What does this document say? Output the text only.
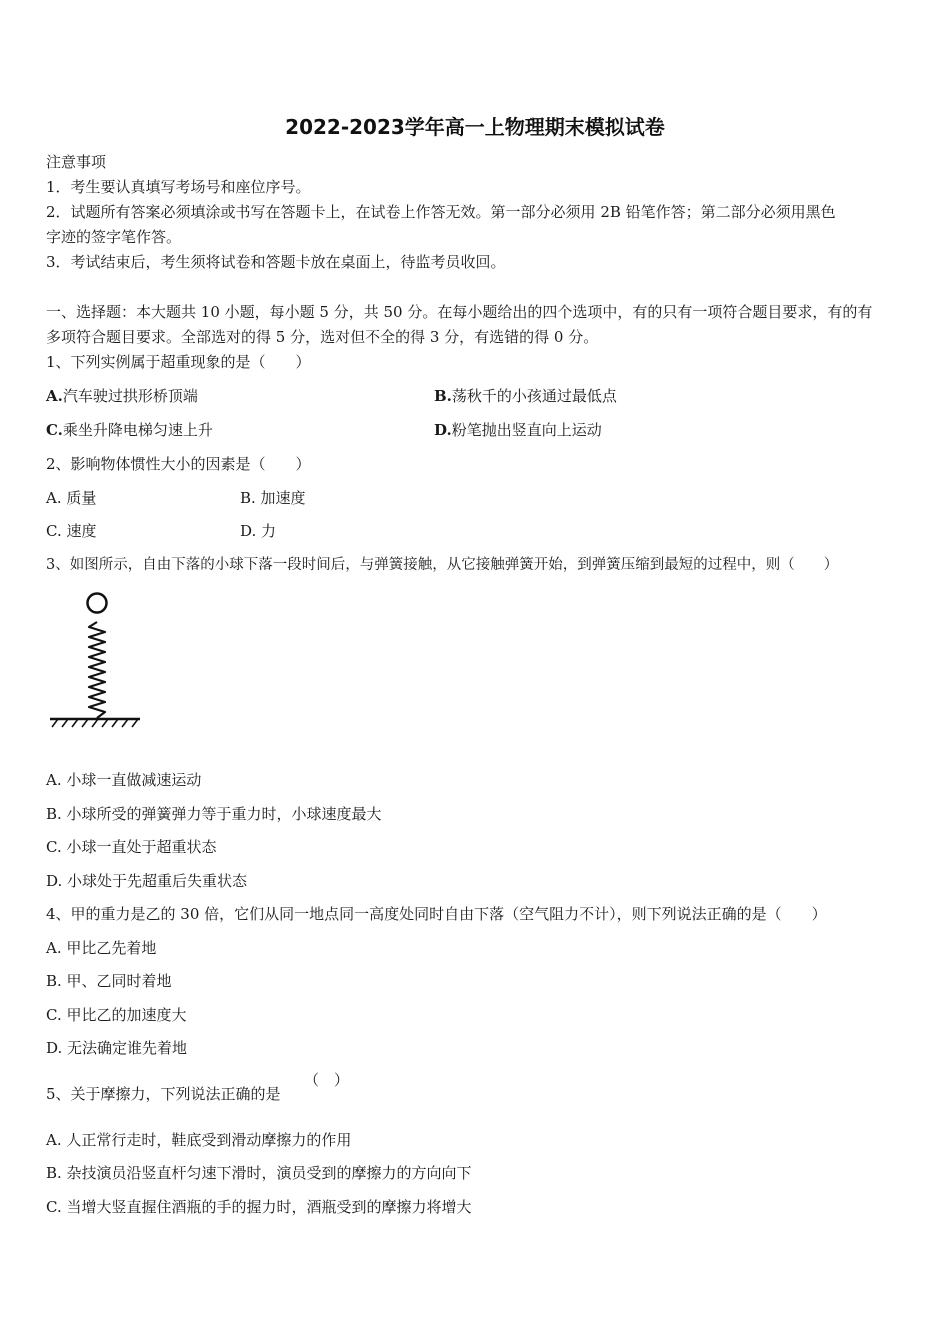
2022-2023学年高一上物理期末模拟试卷
注意事项
1．考生要认真填写考场号和座位序号。
2．试题所有答案必须填涂或书写在答题卡上，在试卷上作答无效。第一部分必须用 2B 铅笔作答；第二部分必须用黑色
字迹的签字笔作答。
3．考试结束后，考生须将试卷和答题卡放在桌面上，待监考员收回。
一、选择题：本大题共 10 小题，每小题 5 分，共 50 分。在每小题给出的四个选项中，有的只有一项符合题目要求，有的有
多项符合题目要求。全部选对的得 5 分，选对但不全的得 3 分，有选错的得 0 分。
1、下列实例属于超重现象的是（　　）
A.汽车驶过拱形桥顶端	B.荡秋千的小孩通过最低点
C.乘坐升降电梯匀速上升	D.粉笔抛出竖直向上运动
2、影响物体惯性大小的因素是（　　）
A. 质量	B. 加速度
C. 速度	D. 力
3、如图所示，自由下落的小球下落一段时间后，与弹簧接触，从它接触弹簧开始，到弹簧压缩到最短的过程中，则（　　）
A. 小球一直做减速运动
B. 小球所受的弹簧弹力等于重力时，小球速度最大
C. 小球一直处于超重状态
D. 小球处于先超重后失重状态
4、甲的重力是乙的 30 倍，它们从同一地点同一高度处同时自由下落（空气阻力不计），则下列说法正确的是（　　）
A. 甲比乙先着地
B. 甲、乙同时着地
C. 甲比乙的加速度大
D. 无法确定谁先着地
5、关于摩擦力，下列说法正确的是
（　）
A. 人正常行走时，鞋底受到滑动摩擦力的作用
B. 杂技演员沿竖直杆匀速下滑时，演员受到的摩擦力的方向向下
C. 当增大竖直握住酒瓶的手的握力时，酒瓶受到的摩擦力将增大
